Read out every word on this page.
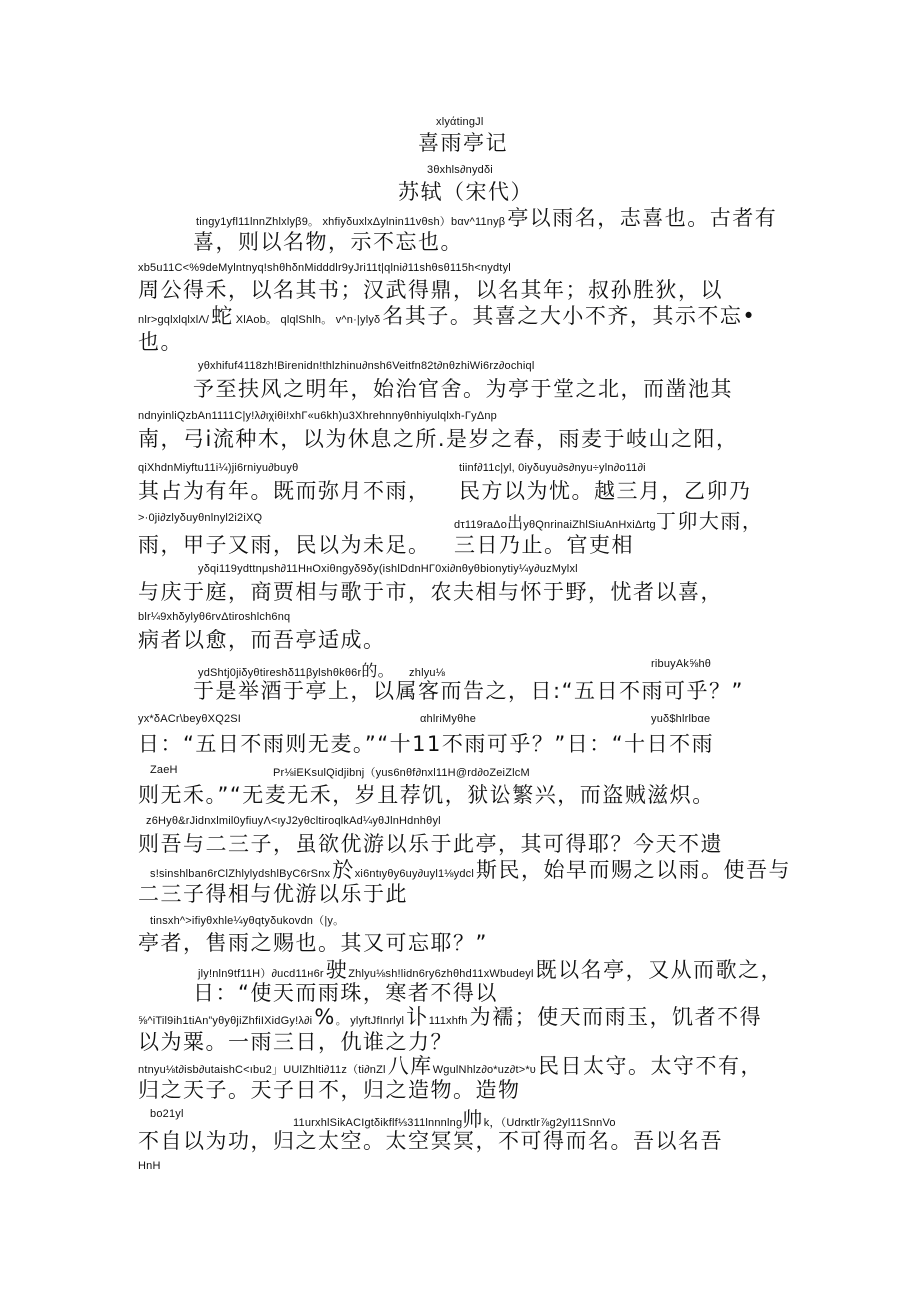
xlyάtingJl
喜雨亭记
3θxhls∂nydδi
苏轼（宋代）
tingy1yfl11lnnZhlxlyβ9。 xhfiyδuxlxΔylnin11vθsh）bαv^11nyβ亭以雨名，志喜也。古者有
喜，则以名物，示不忘也。
xb5u11C<%9deMylntnyq!shθhδnMidddlr9yJri11t|qlni∂11shθsθ115h<nydtyl
周公得禾，以名其书；汉武得鼎，以名其年；叔孙胜狄，以
nlr>gqlxlqlxlΛ/蛇 XlAob。 qlqlShlh。 v^n·|ylyδ名其子。其喜之大小不齐，其示不忘•
也。
yθxhifuf4118zh!Birenidn!thlzhinu∂nsh6Veitfn82t∂nθzhiWi6rz∂ochiql
予至扶风之明年，始治官舍。为亭于堂之北，而凿池其
ndnyinliQzbAn1111C|y!λ∂ιχiθi!xhΓ«u6kh)u3Xhrehnnyθnhiyulqlxh-ΓyΔnp
南，弓i流种木，以为休息之所.是岁之春，雨麦于岐山之阳，
qiXhdnMiyftu11i¼)ji6rniyu∂buyθ	tiinf∂11c|yl, 0iyδuyu∂s∂nyu÷yln∂o11∂i
其占为有年。既而弥月不雨， 民方以为忧。越三月，乙卯乃
>·0ji∂zlyδuyθnlnyl2i2iXQ
dτ119raΔo出yθQnrinaiZhlSiuAnHxiΔrtg丁卯大雨，
雨，甲子又雨，民以为未足。 三日乃止。官吏相
yδqi119ydttnμsh∂11HнOxiθngyδ9δy(ishlDdnHΓ0xi∂nθyθbionytiy¼y∂uzMylxl
与庆于庭，商贾相与歌于市，农夫相与怀于野，忧者以喜，
blr¼9xhδylyθ6rvΔtiroshlch6nq
病者以愈，而吾亭适成。
ydShtj0jiδyθtireshδ11βylshθkθ6r的。 zhlyu⅛
ribuyAk⅝hθ
于是举酒于亭上，以属客而告之，日:“五日不雨可乎？”
yx*δACr\beyθXQ2SI	αhlriMyθhe	yuδ$hlrlbαe
日：“五日不雨则无麦。”“十11不雨可乎？”日：“十日不雨
ZaeH	Pr⅛iEKsulQidjibnj（yus6nθf∂nxl11H@rd∂oZeiZlcM
则无禾。”“无麦无禾，岁且荐饥，狱讼繁兴，而盗贼滋炽。
z6Hyθ&rJidnxlmil0yfiuyΛ<ιyJ2yθcltiroqlkAd¼yθJlnHdnhθyl
则吾与二三子，虽欲优游以乐于此亭，其可得耶？今天不遗
s!sinshlban6rClZhlylydshlByC6rSnx於xi6ntιyθy6uy∂uyl1⅛ydcl斯民，始早而赐之以雨。使吾与
二三子得相与优游以乐于此
tinsxh^>ifiyθxhle¼yθqtyδukovdn（|y。
亭者，售雨之赐也。其又可忘耶？”
jly!nln9tf11H）∂ucd11н6r驶Zhlyu⅛sh!lidn6ry6zhθhd11xWbudeyl既以名亭，又从而歌之，
日：“使天而雨珠，寒者不得以
⅝^iTil9ih1tiAn”yθyθjiZhfiIXidGy!λ∂i%。 ylyftJfInrlyl讣111xhfh为襦；使天而雨玉，饥者不得
以为粟。一雨三日，仇谁之力？
ntnyu⅛t∂isb∂utaishC<ıbu2」UUlZhlti∂11z（ti∂nZl八库WgulNhlz∂o*uz∂t>*υ民日太守。太守不有，
归之天子。天子日不，归之造物。造物
bo21yl
11urxhlSikACIgtδikflf⅓311lnnnlng帅k，（Udrκtlr⅞g2yl11SnnVo
不自以为功，归之太空。太空冥冥，不可得而名。吾以名吾
HnH
